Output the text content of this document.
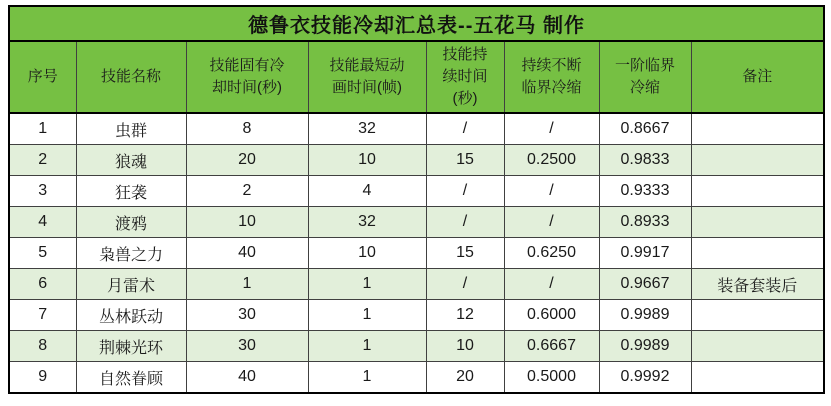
德鲁衣技能冷却汇总表--五花马 制作							
序号	技能名称	技能固有冷却时间(秒)	技能最短动画时间(帧)	技能持续时间(秒)	持续不断临界冷缩	一阶临界冷缩	备注
1	虫群	8	32	/	/	0.8667	
2	狼魂	20	10	15	0.2500	0.9833	
3	狂袭	2	4	/	/	0.9333	
4	渡鸦	10	32	/	/	0.8933	
5	枭兽之力	40	10	15	0.6250	0.9917	
6	月雷术	1	1	/	/	0.9667	装备套装后
7	丛林跃动	30	1	12	0.6000	0.9989	
8	荆棘光环	30	1	10	0.6667	0.9989	
9	自然眷顾	40	1	20	0.5000	0.9992	
